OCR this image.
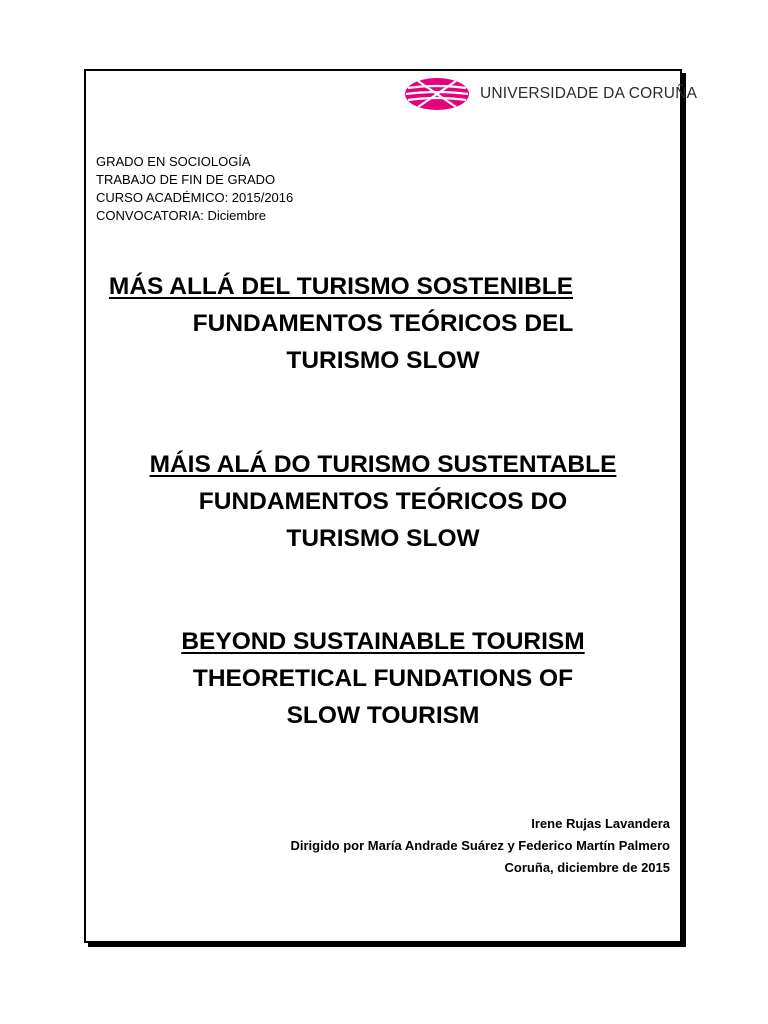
UNIVERSIDADE DA CORUÑA
GRADO EN SOCIOLOGÍA
TRABAJO DE FIN DE GRADO
CURSO ACADÉMICO: 2015/2016
CONVOCATORIA: Diciembre
MÁS ALLÁ DEL TURISMO SOSTENIBLE
FUNDAMENTOS TEÓRICOS DEL
TURISMO SLOW
MÁIS ALÁ DO TURISMO SUSTENTABLE
FUNDAMENTOS TEÓRICOS DO
TURISMO SLOW
BEYOND SUSTAINABLE TOURISM
THEORETICAL FUNDATIONS OF
SLOW TOURISM
Irene Rujas Lavandera
Dirigido por María Andrade Suárez y Federico Martín Palmero
Coruña, diciembre de 2015
